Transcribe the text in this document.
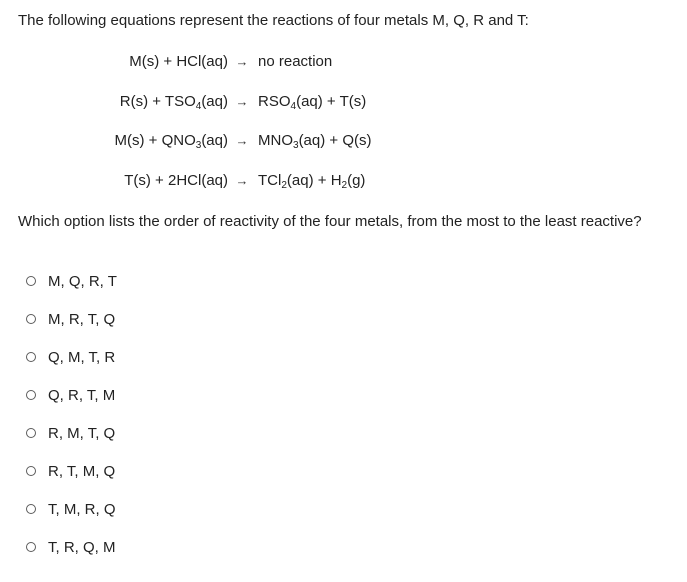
The following equations represent the reactions of four metals M, Q, R and T:
M(s) + HCl(aq) → no reaction
$R(s) + TSO_4(aq) \to RSO_4(aq) + T(s)$
$M(s) + QNO_3(aq) \to MNO_3(aq) + Q(s)$
$T(s) + 2HCl(aq) \to TCl_2(aq) + H_2(g)$
Which option lists the order of reactivity of the four metals, from the most to the least reactive?
M, Q, R, T
M, R, T, Q
Q, M, T, R
Q, R, T, M
R, M, T, Q
R, T, M, Q
T, M, R, Q
T, R, Q, M
